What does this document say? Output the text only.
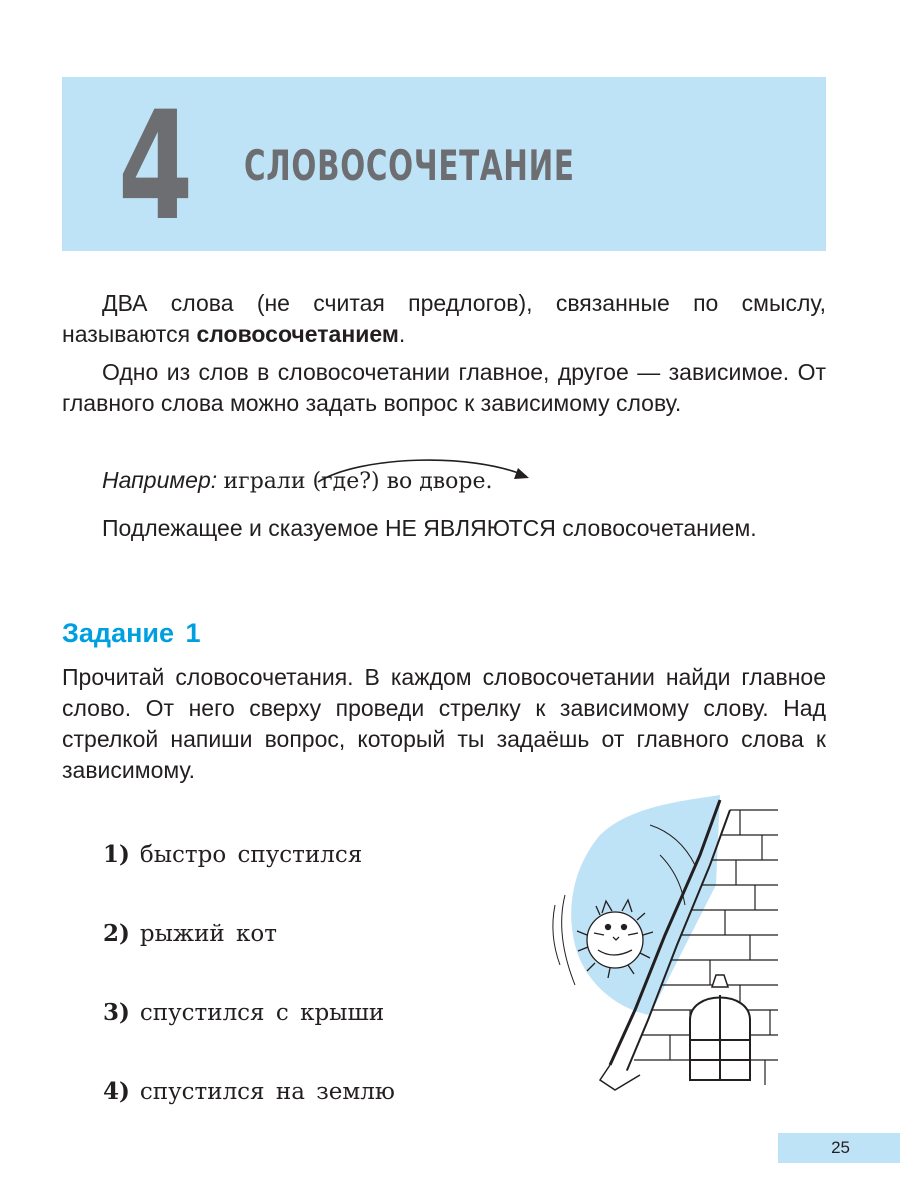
4 СЛОВОСОЧЕТАНИЕ

ДВА слова (не считая предлогов), связанные по смыслу, называются словосочетанием.

Одно из слов в словосочетании главное, другое — зависимое. От главного слова можно задать вопрос к зависимому слову.

Например: играли (где?) во дворе.

Подлежащее и сказуемое НЕ ЯВЛЯЮТСЯ словосочетанием.

Задание 1

Прочитай словосочетания. В каждом словосочетании найди главное слово. От него сверху проведи стрелку к зависимому слову. Над стрелкой напиши вопрос, который ты задаёшь от главного слова к зависимому.

1) быстро спустился
2) рыжий кот
3) спустился с крыши
4) спустился на землю
25
